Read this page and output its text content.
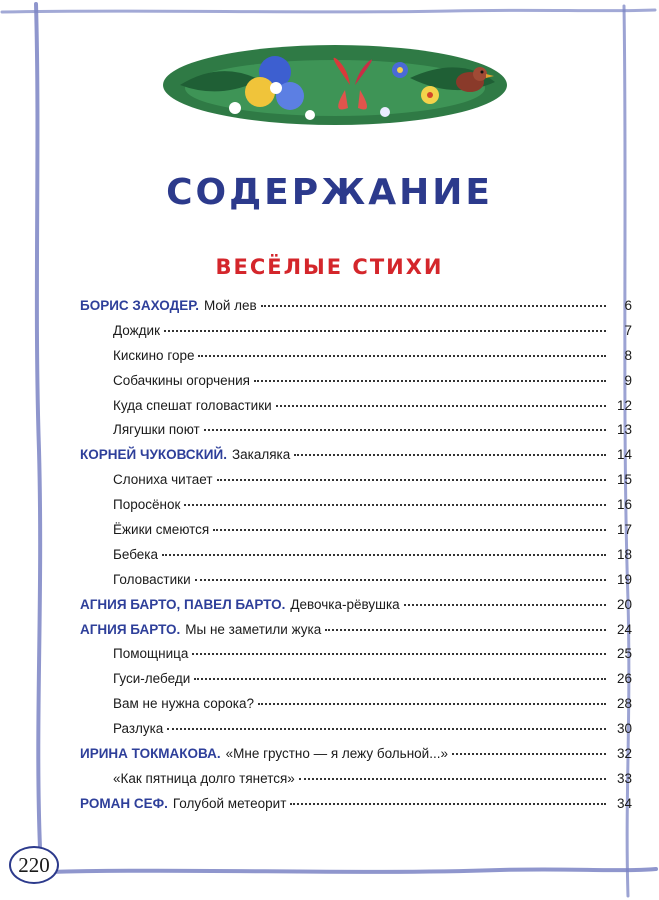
СОДЕРЖАНИЕ
ВЕСЁЛЫЕ СТИХИ
БОРИС ЗАХОДЕР. Мой лев	6
Дождик	7
Кискино горе	8
Собачкины огорчения	9
Куда спешат головастики	12
Лягушки поют	13
КОРНЕЙ ЧУКОВСКИЙ. Закаляка	14
Слониха читает	15
Поросёнок	16
Ёжики смеются	17
Бебека	18
Головастики	19
АГНИЯ БАРТО, ПАВЕЛ БАРТО. Девочка-рёвушка	20
АГНИЯ БАРТО. Мы не заметили жука	24
Помощница	25
Гуси-лебеди	26
Вам не нужна сорока?	28
Разлука	30
ИРИНА ТОКМАКОВА. «Мне грустно — я лежу больной...»	32
«Как пятница долго тянется»	33
РОМАН СЕФ. Голубой метеорит	34
220
